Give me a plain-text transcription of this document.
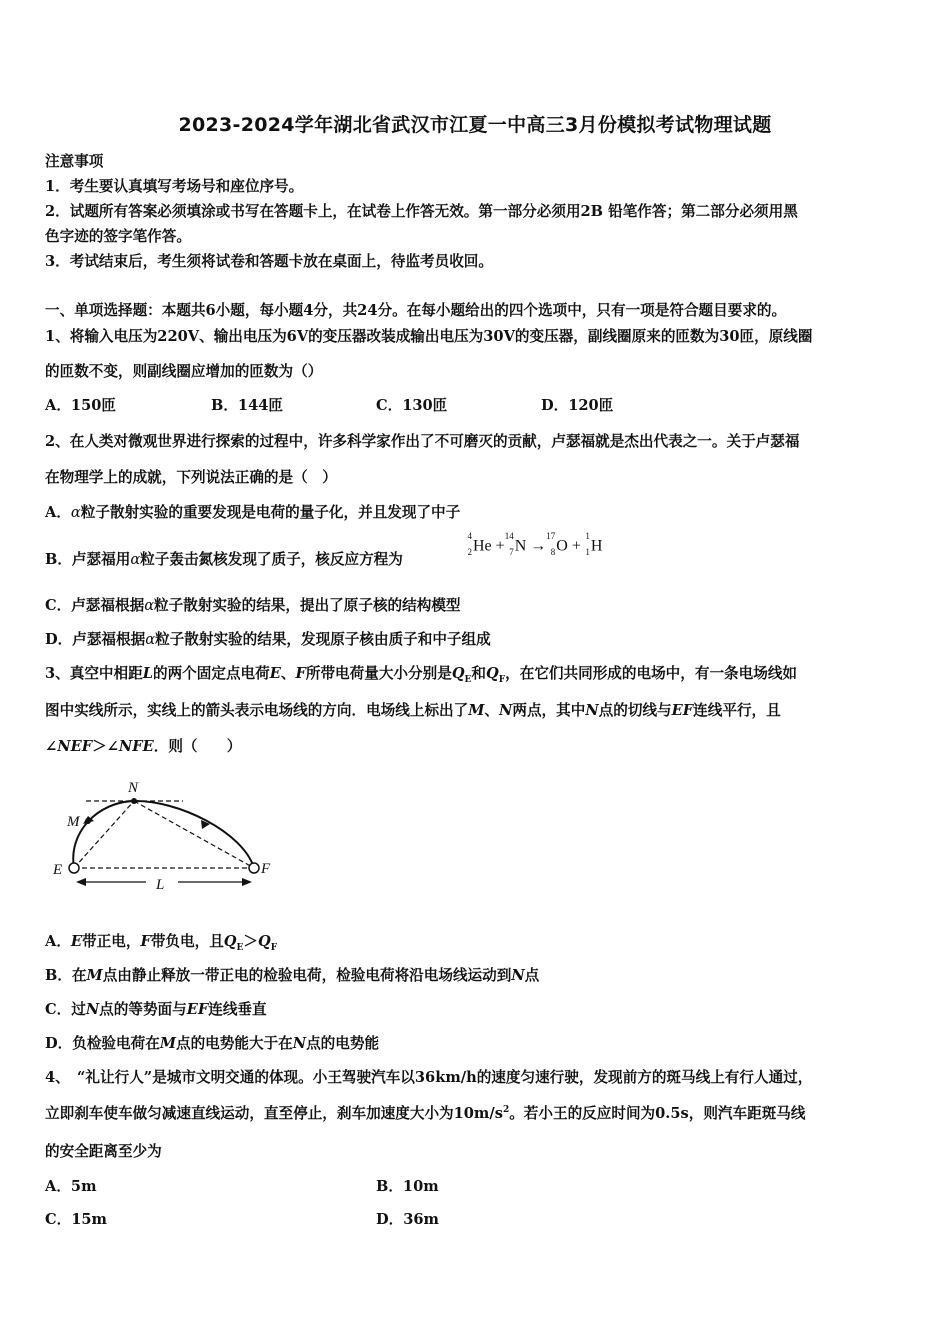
2023-2024学年湖北省武汉市江夏一中高三3月份模拟考试物理试题
注意事项
1．考生要认真填写考场号和座位序号。
2．试题所有答案必须填涂或书写在答题卡上，在试卷上作答无效。第一部分必须用2B 铅笔作答；第二部分必须用黑
色字迹的签字笔作答。
3．考试结束后，考生须将试卷和答题卡放在桌面上，待监考员收回。
一、单项选择题：本题共6小题，每小题4分，共24分。在每小题给出的四个选项中，只有一项是符合题目要求的。
1、将输入电压为220V、输出电压为6V的变压器改装成输出电压为30V的变压器，副线圈原来的匝数为30匝，原线圈
的匝数不变，则副线圈应增加的匝数为（）
A．150匝	B．144匝	C．130匝	D．120匝
2、在人类对微观世界进行探索的过程中，许多科学家作出了不可磨灭的贡献，卢瑟福就是杰出代表之一。关于卢瑟福
在物理学上的成就，下列说法正确的是（　）
A．α粒子散射实验的重要发现是电荷的量子化，并且发现了中子
B．卢瑟福用α粒子轰击氮核发现了质子，核反应方程为
4
2 He +
14
7 N →
17
8 O +
1
1 H
C．卢瑟福根据α粒子散射实验的结果，提出了原子核的结构模型
D．卢瑟福根据α粒子散射实验的结果，发现原子核由质子和中子组成
3、真空中相距L的两个固定点电荷E、F所带电荷量大小分别是$Q_E$和$Q_F$，在它们共同形成的电场中，有一条电场线如
图中实线所示，实线上的箭头表示电场线的方向．电场线上标出了M、N两点，其中N点的切线与EF连线平行，且
∠NEF＞∠NFE．则（　　）
N
M
E	F
L
A．E带正电，F带负电，且$Q_E>Q_F$
B．在M点由静止释放一带正电的检验电荷，检验电荷将沿电场线运动到N点
C．过N点的等势面与EF连线垂直
D．负检验电荷在M点的电势能大于在N点的电势能
4、　“礼让行人”是城市文明交通的体现。小王驾驶汽车以36km/h的速度匀速行驶，发现前方的斑马线上有行人通过，
立即刹车使车做匀减速直线运动，直至停止，刹车加速度大小为$10m/s^2$。若小王的反应时间为0.5s，则汽车距斑马线
的安全距离至少为
A．5m	B．10m
C．15m	D．36m
